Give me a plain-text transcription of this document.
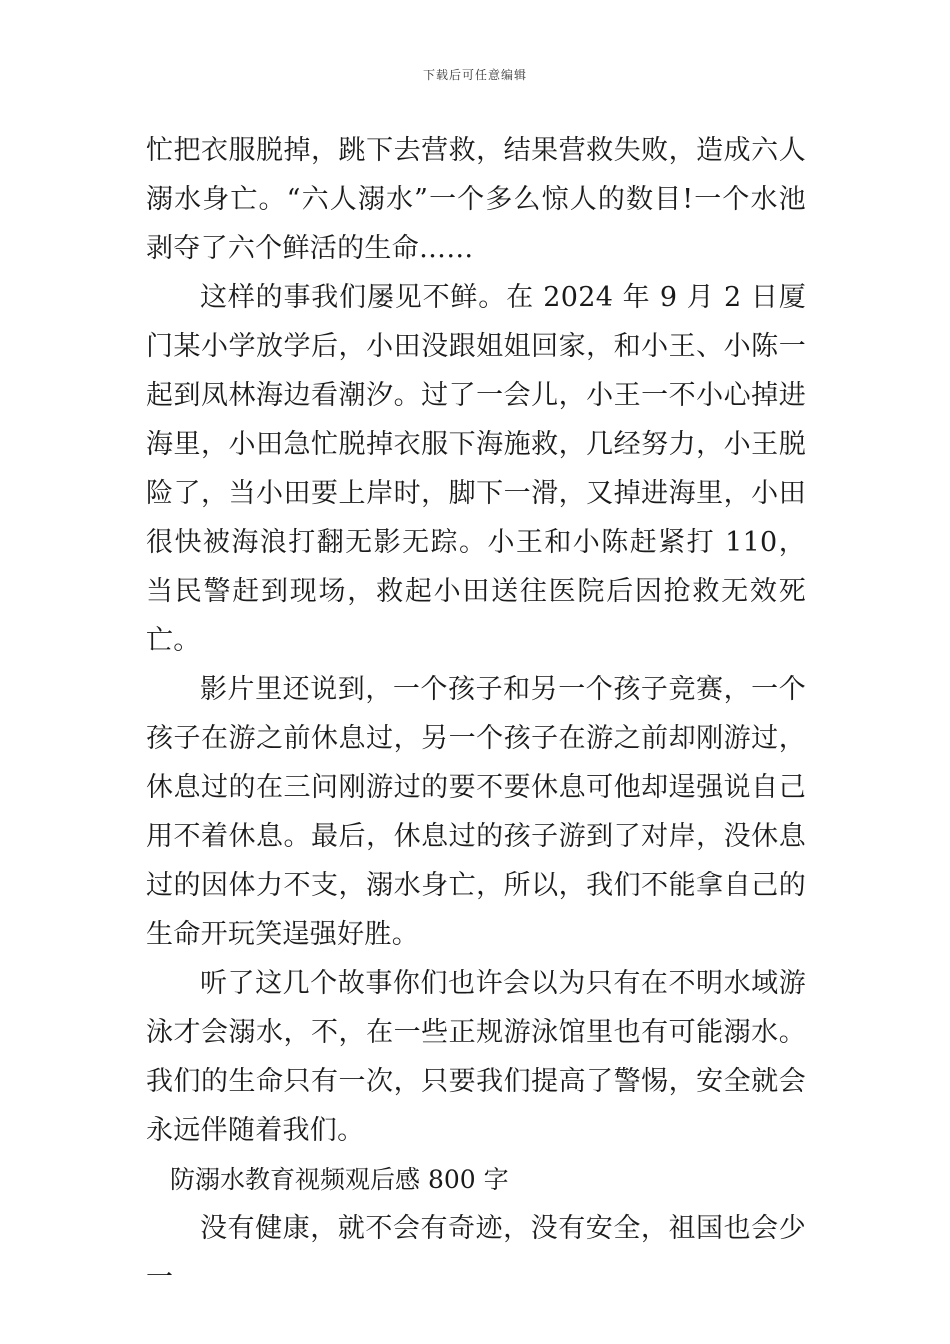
下载后可任意编辑

忙把衣服脱掉，跳下去营救，结果营救失败，造成六人溺水身亡。“六人溺水”一个多么惊人的数目!一个水池剥夺了六个鲜活的生命……

这样的事我们屡见不鲜。在 2024 年 9 月 2 日厦门某小学放学后，小田没跟姐姐回家，和小王、小陈一起到凤林海边看潮汐。过了一会儿，小王一不小心掉进海里，小田急忙脱掉衣服下海施救，几经努力，小王脱险了，当小田要上岸时，脚下一滑，又掉进海里，小田很快被海浪打翻无影无踪。小王和小陈赶紧打 110，当民警赶到现场，救起小田送往医院后因抢救无效死亡。

影片里还说到，一个孩子和另一个孩子竞赛，一个孩子在游之前休息过，另一个孩子在游之前却刚游过，休息过的在三问刚游过的要不要休息可他却逞强说自己用不着休息。最后，休息过的孩子游到了对岸，没休息过的因体力不支，溺水身亡，所以，我们不能拿自己的生命开玩笑逞强好胜。

听了这几个故事你们也许会以为只有在不明水域游泳才会溺水，不，在一些正规游泳馆里也有可能溺水。我们的生命只有一次，只要我们提高了警惕，安全就会永远伴随着我们。

防溺水教育视频观后感 800 字

没有健康，就不会有奇迹，没有安全，祖国也会少一
